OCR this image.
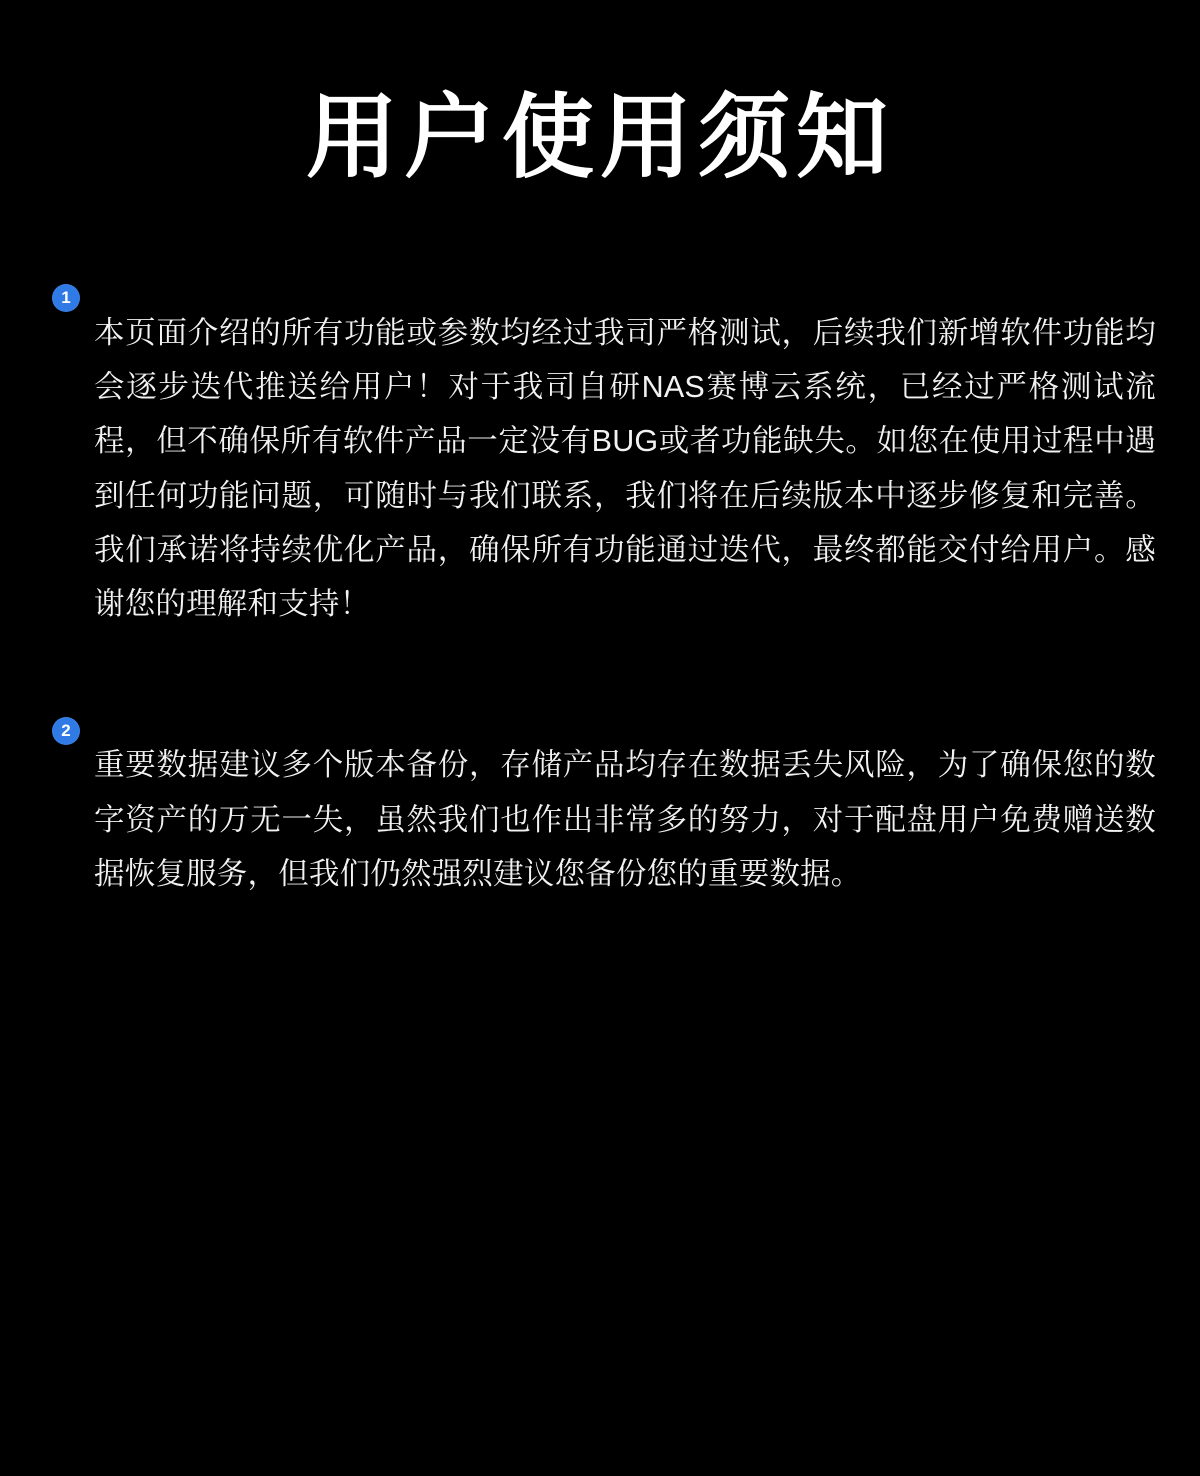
用户使用须知
1

本页面介绍的所有功能或参数均经过我司严格测试，后续我们新增软件功能均会逐步迭代推送给用户！对于我司自研NAS赛博云系统，已经过严格测试流程，但不确保所有软件产品一定没有BUG或者功能缺失。如您在使用过程中遇到任何功能问题，可随时与我们联系，我们将在后续版本中逐步修复和完善。我们承诺将持续优化产品，确保所有功能通过迭代，最终都能交付给用户。感谢您的理解和支持！

2

重要数据建议多个版本备份，存储产品均存在数据丢失风险，为了确保您的数字资产的万无一失，虽然我们也作出非常多的努力，对于配盘用户免费赠送数据恢复服务，但我们仍然强烈建议您备份您的重要数据。
